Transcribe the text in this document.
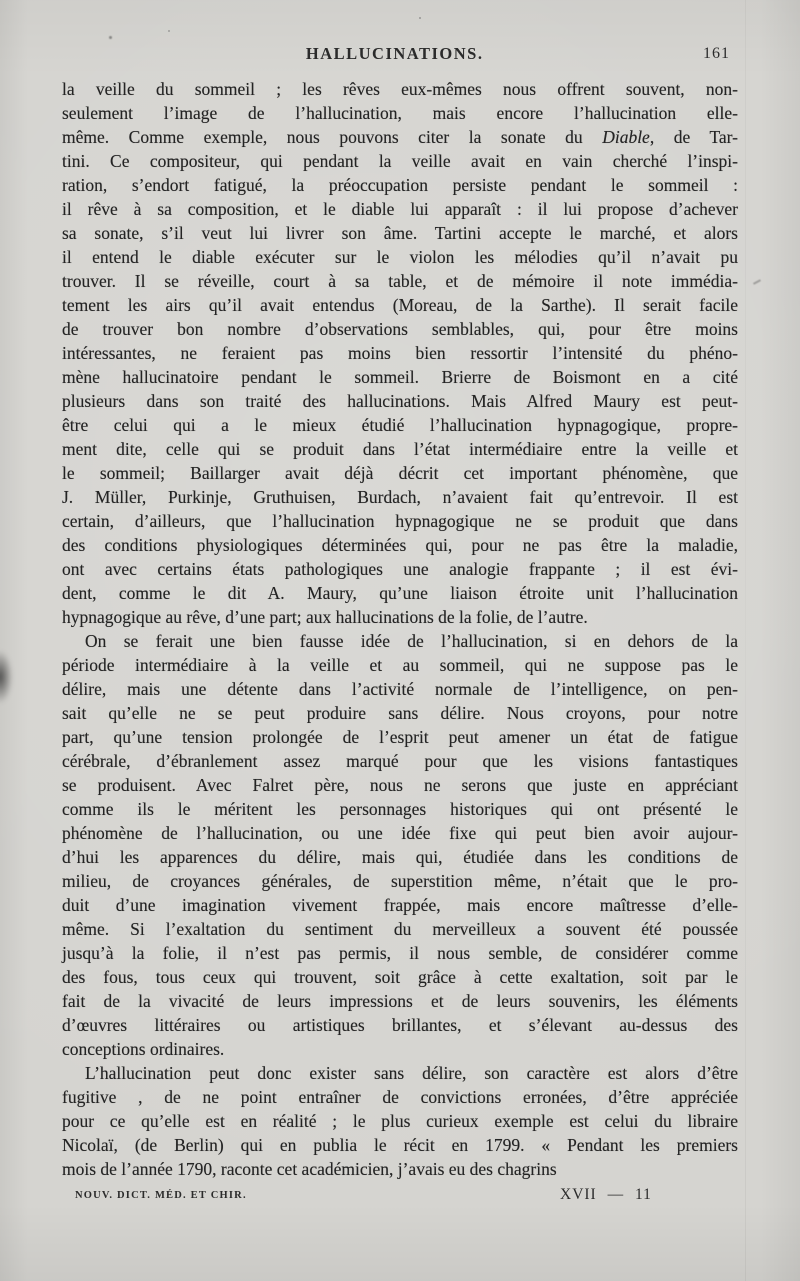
HALLUCINATIONS.	161
la veille du sommeil ; les rêves eux-mêmes nous offrent souvent, non-
seulement l’image de l’hallucination, mais encore l’hallucination elle-
même. Comme exemple, nous pouvons citer la sonate du Diable, de Tar-
tini. Ce compositeur, qui pendant la veille avait en vain cherché l’inspi-
ration, s’endort fatigué, la préoccupation persiste pendant le sommeil :
il rêve à sa composition, et le diable lui apparaît : il lui propose d’achever
sa sonate, s’il veut lui livrer son âme. Tartini accepte le marché, et alors
il entend le diable exécuter sur le violon les mélodies qu’il n’avait pu
trouver. Il se réveille, court à sa table, et de mémoire il note immédia-
tement les airs qu’il avait entendus (Moreau, de la Sarthe). Il serait facile
de trouver bon nombre d’observations semblables, qui, pour être moins
intéressantes, ne feraient pas moins bien ressortir l’intensité du phéno-
mène hallucinatoire pendant le sommeil. Brierre de Boismont en a cité
plusieurs dans son traité des hallucinations. Mais Alfred Maury est peut-
être celui qui a le mieux étudié l’hallucination hypnagogique, propre-
ment dite, celle qui se produit dans l’état intermédiaire entre la veille et
le sommeil; Baillarger avait déjà décrit cet important phénomène, que
J. Müller, Purkinje, Gruthuisen, Burdach, n’avaient fait qu’entrevoir. Il est
certain, d’ailleurs, que l’hallucination hypnagogique ne se produit que dans
des conditions physiologiques déterminées qui, pour ne pas être la maladie,
ont avec certains états pathologiques une analogie frappante ; il est évi-
dent, comme le dit A. Maury, qu’une liaison étroite unit l’hallucination
hypnagogique au rêve, d’une part; aux hallucinations de la folie, de l’autre.
On se ferait une bien fausse idée de l’hallucination, si en dehors de la
période intermédiaire à la veille et au sommeil, qui ne suppose pas le
délire, mais une détente dans l’activité normale de l’intelligence, on pen-
sait qu’elle ne se peut produire sans délire. Nous croyons, pour notre
part, qu’une tension prolongée de l’esprit peut amener un état de fatigue
cérébrale, d’ébranlement assez marqué pour que les visions fantastiques
se produisent. Avec Falret père, nous ne serons que juste en appréciant
comme ils le méritent les personnages historiques qui ont présenté le
phénomène de l’hallucination, ou une idée fixe qui peut bien avoir aujour-
d’hui les apparences du délire, mais qui, étudiée dans les conditions de
milieu, de croyances générales, de superstition même, n’était que le pro-
duit d’une imagination vivement frappée, mais encore maîtresse d’elle-
même. Si l’exaltation du sentiment du merveilleux a souvent été poussée
jusqu’à la folie, il n’est pas permis, il nous semble, de considérer comme
des fous, tous ceux qui trouvent, soit grâce à cette exaltation, soit par le
fait de la vivacité de leurs impressions et de leurs souvenirs, les éléments
d’œuvres littéraires ou artistiques brillantes, et s’élevant au-dessus des
conceptions ordinaires.
L’hallucination peut donc exister sans délire, son caractère est alors d’être
fugitive , de ne point entraîner de convictions erronées, d’être appréciée
pour ce qu’elle est en réalité ; le plus curieux exemple est celui du libraire
Nicolaï, (de Berlin) qui en publia le récit en 1799. « Pendant les premiers
mois de l’année 1790, raconte cet académicien, j’avais eu des chagrins
NOUV. DICT. MÉD. ET CHIR.	XVII — 11
